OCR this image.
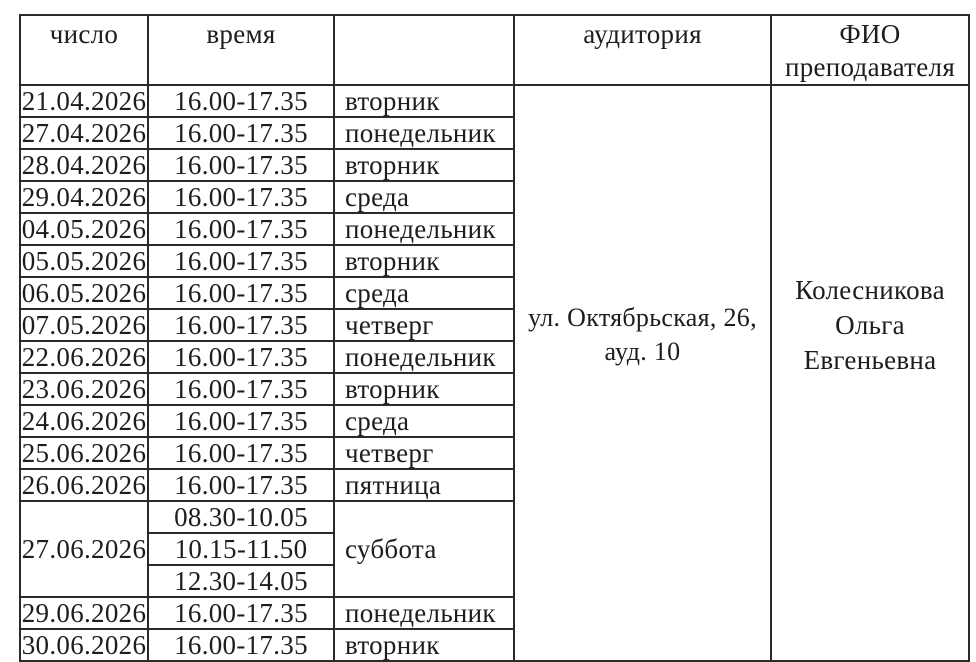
число	время		аудитория	ФИО преподавателя
21.04.2026	16.00-17.35	вторник	ул. Октябрьская, 26, ауд. 10	Колесникова Ольга Евгеньевна

27.04.2026	16.00-17.35	понедельник		
28.04.2026	16.00-17.35	вторник		
29.04.2026	16.00-17.35	среда		
04.05.2026	16.00-17.35	понедельник		
05.05.2026	16.00-17.35	вторник		
06.05.2026	16.00-17.35	среда		
07.05.2026	16.00-17.35	четверг		
22.06.2026	16.00-17.35	понедельник		
23.06.2026	16.00-17.35	вторник		
24.06.2026	16.00-17.35	среда		
25.06.2026	16.00-17.35	четверг		
26.06.2026	16.00-17.35	пятница		
27.06.2026	08.30-10.05	суббота		
	10.15-11.50			
	12.30-14.05			
29.06.2026	16.00-17.35	понедельник		
30.06.2026	16.00-17.35	вторник		
